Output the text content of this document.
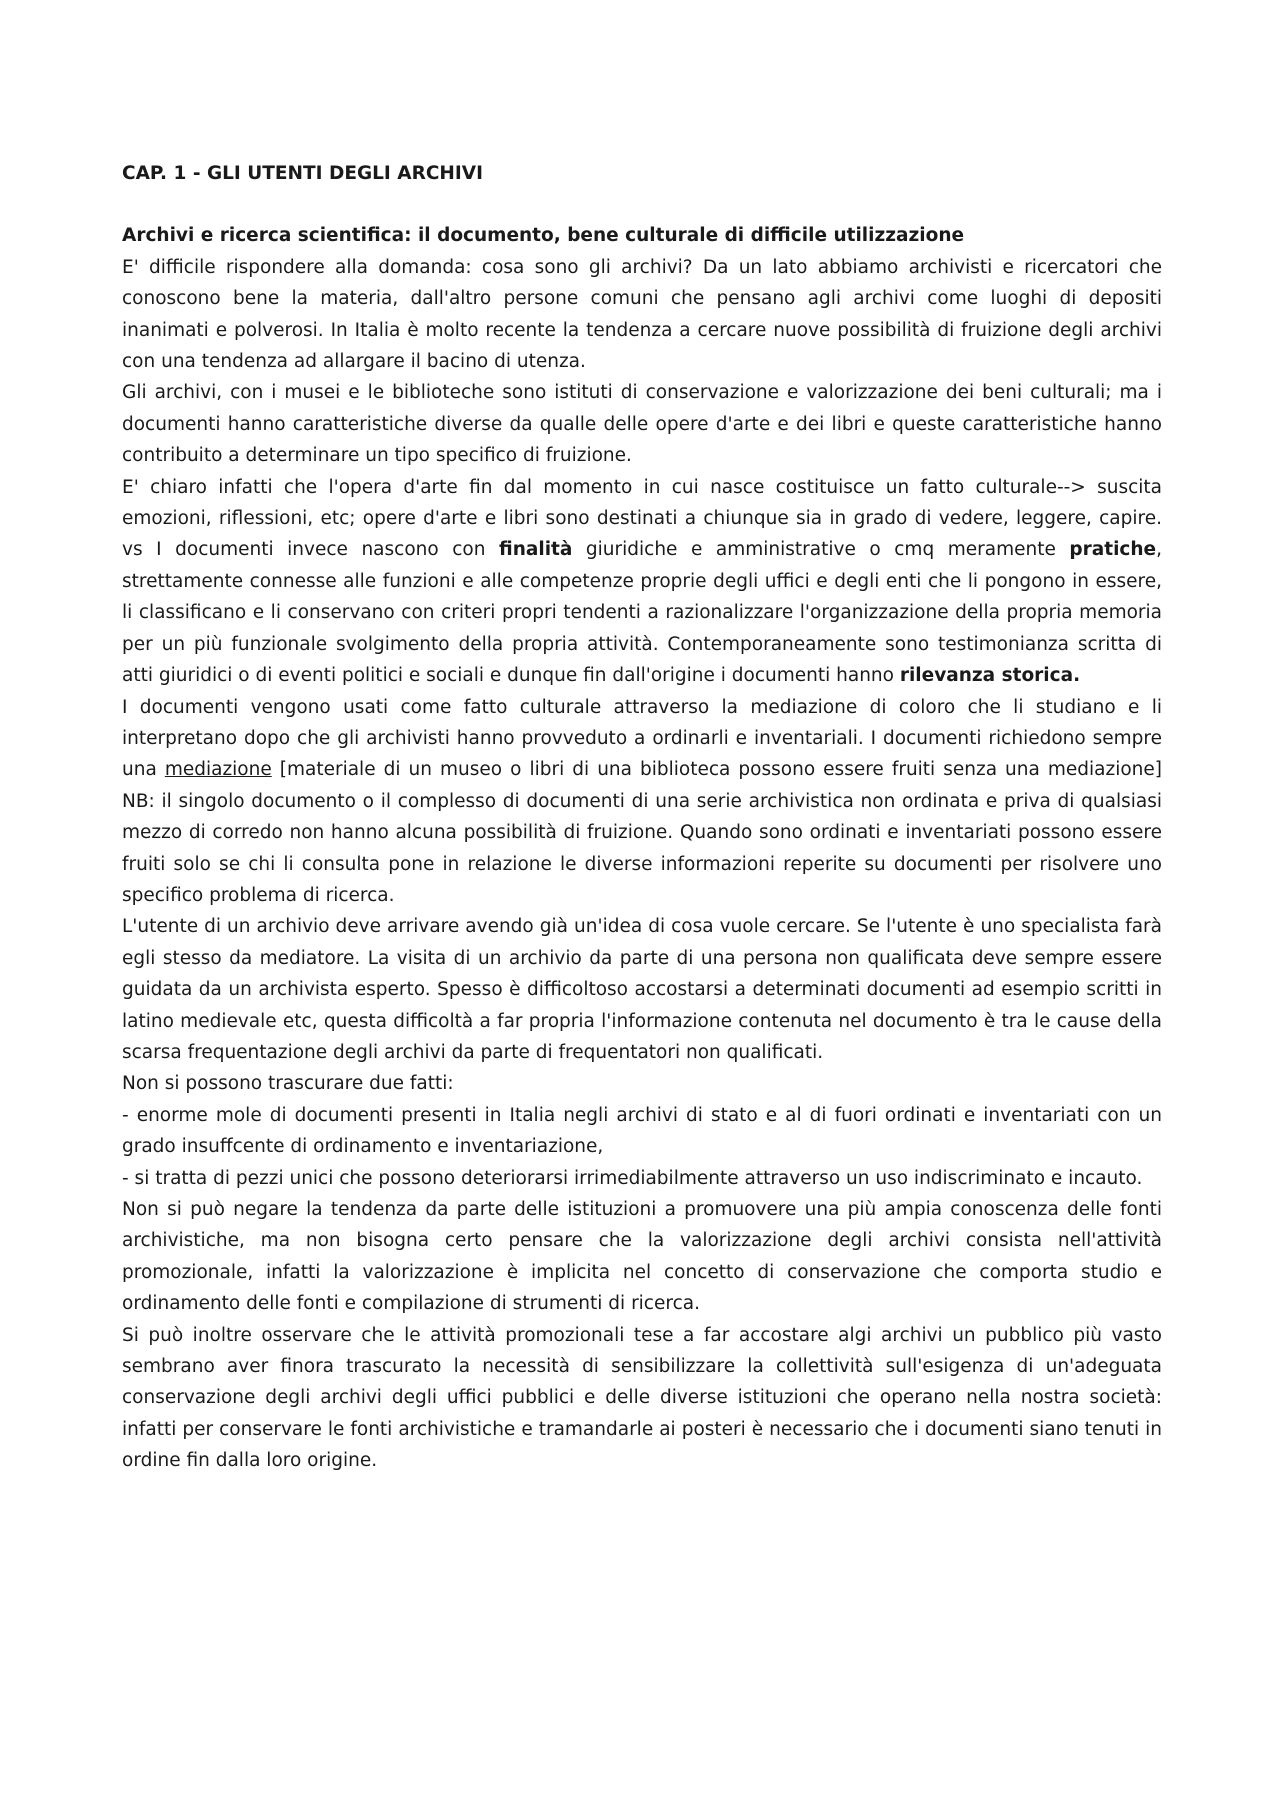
CAP. 1 - GLI UTENTI DEGLI ARCHIVI
Archivi e ricerca scientifica: il documento, bene culturale di difficile utilizzazione

E' difficile rispondere alla domanda: cosa sono gli archivi? Da un lato abbiamo archivisti e ricercatori che conoscono bene la materia, dall'altro persone comuni che pensano agli archivi come luoghi di depositi inanimati e polverosi. In Italia è molto recente la tendenza a cercare nuove possibilità di fruizione degli archivi con una tendenza ad allargare il bacino di utenza.

Gli archivi, con i musei e le biblioteche sono istituti di conservazione e valorizzazione dei beni culturali; ma i documenti hanno caratteristiche diverse da qualle delle opere d'arte e dei libri e queste caratteristiche hanno contribuito a determinare un tipo specifico di fruizione.

E' chiaro infatti che l'opera d'arte fin dal momento in cui nasce costituisce un fatto culturale--> suscita emozioni, riflessioni, etc; opere d'arte e libri sono destinati a chiunque sia in grado di vedere, leggere, capire. vs I documenti invece nascono con finalità giuridiche e amministrative o cmq meramente pratiche, strettamente connesse alle funzioni e alle competenze proprie degli uffici e degli enti che li pongono in essere, li classificano e li conservano con criteri propri tendenti a razionalizzare l'organizzazione della propria memoria per un più funzionale svolgimento della propria attività. Contemporaneamente sono testimonianza scritta di atti giuridici o di eventi politici e sociali e dunque fin dall'origine i documenti hanno rilevanza storica.

I documenti vengono usati come fatto culturale attraverso la mediazione di coloro che li studiano e li interpretano dopo che gli archivisti hanno provveduto a ordinarli e inventariali. I documenti richiedono sempre una mediazione [materiale di un museo o libri di una biblioteca possono essere fruiti senza una mediazione] NB: il singolo documento o il complesso di documenti di una serie archivistica non ordinata e priva di qualsiasi mezzo di corredo non hanno alcuna possibilità di fruizione. Quando sono ordinati e inventariati possono essere fruiti solo se chi li consulta pone in relazione le diverse informazioni reperite su documenti per risolvere uno specifico problema di ricerca.

L'utente di un archivio deve arrivare avendo già un'idea di cosa vuole cercare. Se l'utente è uno specialista farà egli stesso da mediatore. La visita di un archivio da parte di una persona non qualificata deve sempre essere guidata da un archivista esperto. Spesso è difficoltoso accostarsi a determinati documenti ad esempio scritti in latino medievale etc, questa difficoltà a far propria l'informazione contenuta nel documento è tra le cause della scarsa frequentazione degli archivi da parte di frequentatori non qualificati.

Non si possono trascurare due fatti:

- enorme mole di documenti presenti in Italia negli archivi di stato e al di fuori ordinati e inventariati con un grado insuffcente di ordinamento e inventariazione,

- si tratta di pezzi unici che possono deteriorarsi irrimediabilmente attraverso un uso indiscriminato e incauto.

Non si può negare la tendenza da parte delle istituzioni a promuovere una più ampia conoscenza delle fonti archivistiche, ma non bisogna certo pensare che la valorizzazione degli archivi consista nell'attività promozionale, infatti la valorizzazione è implicita nel concetto di conservazione che comporta studio e ordinamento delle fonti e compilazione di strumenti di ricerca.

Si può inoltre osservare che le attività promozionali tese a far accostare algi archivi un pubblico più vasto sembrano aver finora trascurato la necessità di sensibilizzare la collettività sull'esigenza di un'adeguata conservazione degli archivi degli uffici pubblici e delle diverse istituzioni che operano nella nostra società: infatti per conservare le fonti archivistiche e tramandarle ai posteri è necessario che i documenti siano tenuti in ordine fin dalla loro origine.
